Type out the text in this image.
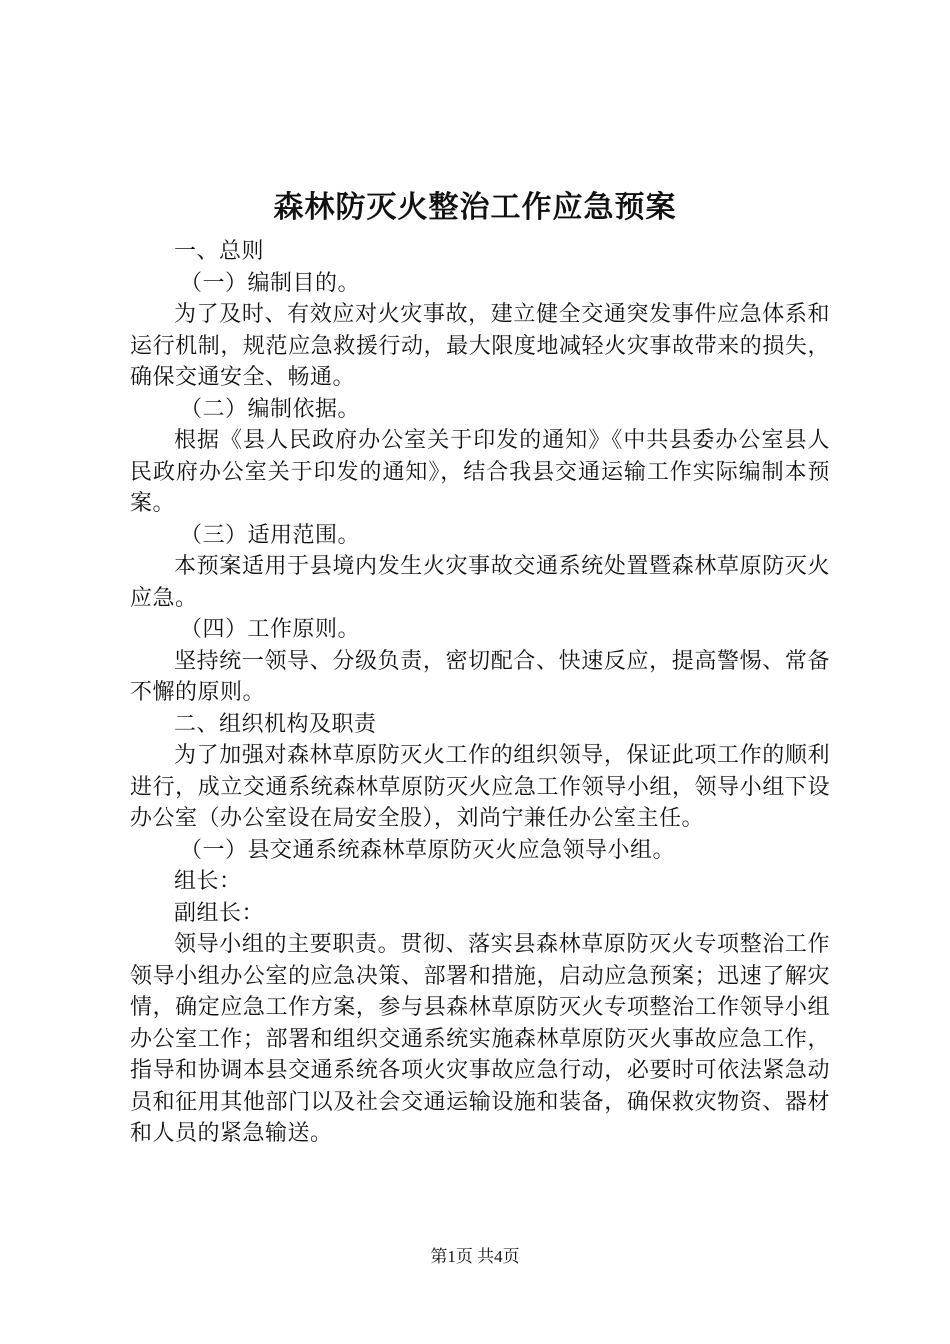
森林防灭火整治工作应急预案

一、总则

（一）编制目的。

为了及时、有效应对火灾事故，建立健全交通突发事件应急体系和运行机制，规范应急救援行动，最大限度地减轻火灾事故带来的损失，确保交通安全、畅通。

（二）编制依据。

根据《县人民政府办公室关于印发的通知》《中共县委办公室县人民政府办公室关于印发的通知》，结合我县交通运输工作实际编制本预案。

（三）适用范围。

本预案适用于县境内发生火灾事故交通系统处置暨森林草原防灭火应急。

（四）工作原则。

坚持统一领导、分级负责，密切配合、快速反应，提高警惕、常备不懈的原则。

二、组织机构及职责

为了加强对森林草原防灭火工作的组织领导，保证此项工作的顺利进行，成立交通系统森林草原防灭火应急工作领导小组，领导小组下设办公室（办公室设在局安全股），刘尚宁兼任办公室主任。

（一）县交通系统森林草原防灭火应急领导小组。

组长：

副组长：

领导小组的主要职责。贯彻、落实县森林草原防灭火专项整治工作领导小组办公室的应急决策、部署和措施，启动应急预案；迅速了解灾情，确定应急工作方案，参与县森林草原防灭火专项整治工作领导小组办公室工作；部署和组织交通系统实施森林草原防灭火事故应急工作，指导和协调本县交通系统各项火灾事故应急行动，必要时可依法紧急动员和征用其他部门以及社会交通运输设施和装备，确保救灾物资、器材和人员的紧急输送。

第1页 共4页
